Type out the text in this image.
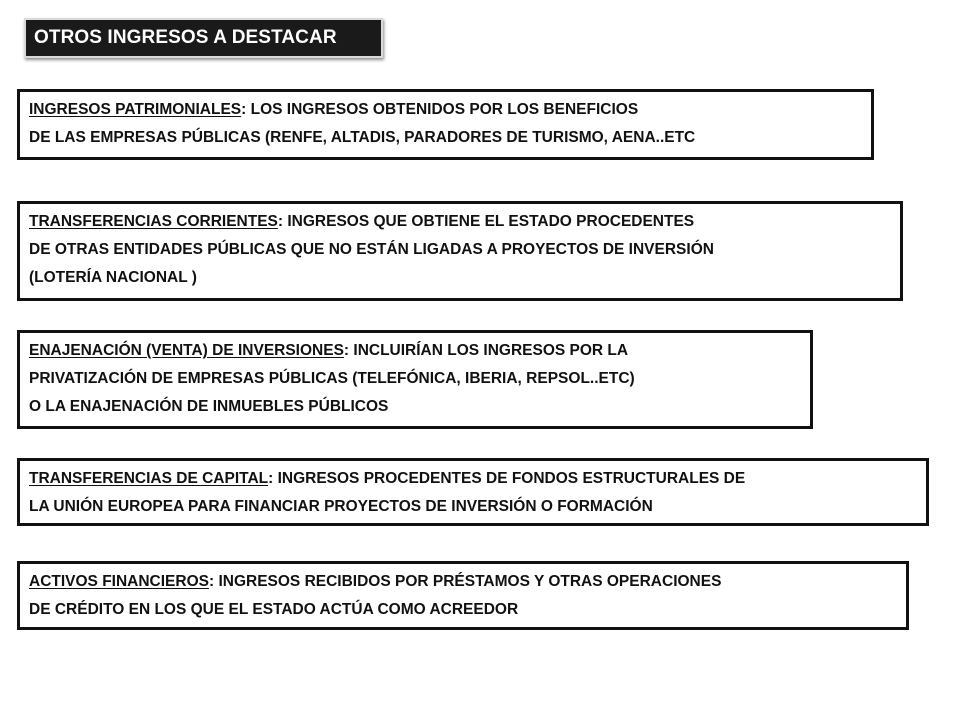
OTROS INGRESOS A DESTACAR
INGRESOS PATRIMONIALES: LOS INGRESOS OBTENIDOS POR LOS BENEFICIOS
DE LAS EMPRESAS PÚBLICAS (RENFE, ALTADIS, PARADORES DE TURISMO, AENA..ETC
TRANSFERENCIAS CORRIENTES: INGRESOS QUE OBTIENE EL ESTADO PROCEDENTES
DE OTRAS ENTIDADES PÚBLICAS QUE NO ESTÁN LIGADAS A PROYECTOS DE INVERSIÓN
(LOTERÍA NACIONAL )
ENAJENACIÓN (VENTA) DE INVERSIONES: INCLUIRÍAN LOS INGRESOS POR LA
PRIVATIZACIÓN DE EMPRESAS PÚBLICAS (TELEFÓNICA, IBERIA, REPSOL..ETC)
O LA ENAJENACIÓN DE INMUEBLES PÚBLICOS
TRANSFERENCIAS DE CAPITAL: INGRESOS PROCEDENTES DE FONDOS ESTRUCTURALES DE
LA UNIÓN EUROPEA PARA FINANCIAR PROYECTOS DE INVERSIÓN O FORMACIÓN
ACTIVOS FINANCIEROS: INGRESOS RECIBIDOS POR PRÉSTAMOS Y OTRAS OPERACIONES
DE CRÉDITO EN LOS QUE EL ESTADO ACTÚA COMO ACREEDOR
